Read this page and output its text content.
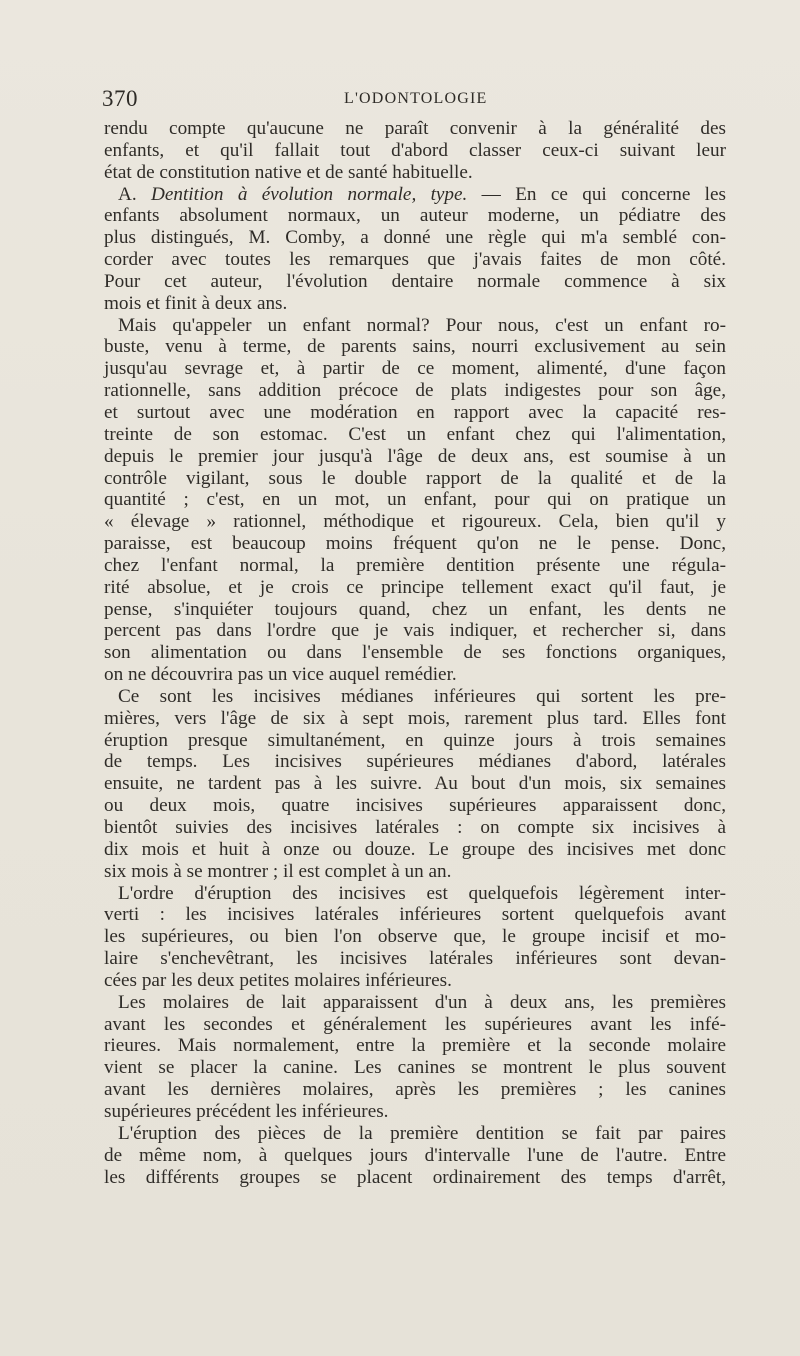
370	L'ODONTOLOGIE
rendu compte qu'aucune ne paraît convenir à la généralité des
enfants, et qu'il fallait tout d'abord classer ceux-ci suivant leur
état de constitution native et de santé habituelle.
A. Dentition à évolution normale, type. — En ce qui concerne les
enfants absolument normaux, un auteur moderne, un pédiatre des
plus distingués, M. Comby, a donné une règle qui m'a semblé con-
corder avec toutes les remarques que j'avais faites de mon côté.
Pour cet auteur, l'évolution dentaire normale commence à six
mois et finit à deux ans.
Mais qu'appeler un enfant normal? Pour nous, c'est un enfant ro-
buste, venu à terme, de parents sains, nourri exclusivement au sein
jusqu'au sevrage et, à partir de ce moment, alimenté, d'une façon
rationnelle, sans addition précoce de plats indigestes pour son âge,
et surtout avec une modération en rapport avec la capacité res-
treinte de son estomac. C'est un enfant chez qui l'alimentation,
depuis le premier jour jusqu'à l'âge de deux ans, est soumise à un
contrôle vigilant, sous le double rapport de la qualité et de la
quantité ; c'est, en un mot, un enfant, pour qui on pratique un
« élevage » rationnel, méthodique et rigoureux. Cela, bien qu'il y
paraisse, est beaucoup moins fréquent qu'on ne le pense. Donc,
chez l'enfant normal, la première dentition présente une régula-
rité absolue, et je crois ce principe tellement exact qu'il faut, je
pense, s'inquiéter toujours quand, chez un enfant, les dents ne
percent pas dans l'ordre que je vais indiquer, et rechercher si, dans
son alimentation ou dans l'ensemble de ses fonctions organiques,
on ne découvrira pas un vice auquel remédier.
Ce sont les incisives médianes inférieures qui sortent les pre-
mières, vers l'âge de six à sept mois, rarement plus tard. Elles font
éruption presque simultanément, en quinze jours à trois semaines
de temps. Les incisives supérieures médianes d'abord, latérales
ensuite, ne tardent pas à les suivre. Au bout d'un mois, six semaines
ou deux mois, quatre incisives supérieures apparaissent donc,
bientôt suivies des incisives latérales : on compte six incisives à
dix mois et huit à onze ou douze. Le groupe des incisives met donc
six mois à se montrer ; il est complet à un an.
L'ordre d'éruption des incisives est quelquefois légèrement inter-
verti : les incisives latérales inférieures sortent quelquefois avant
les supérieures, ou bien l'on observe que, le groupe incisif et mo-
laire s'enchevêtrant, les incisives latérales inférieures sont devan-
cées par les deux petites molaires inférieures.
Les molaires de lait apparaissent d'un à deux ans, les premières
avant les secondes et généralement les supérieures avant les infé-
rieures. Mais normalement, entre la première et la seconde molaire
vient se placer la canine. Les canines se montrent le plus souvent
avant les dernières molaires, après les premières ; les canines
supérieures précédent les inférieures.
L'éruption des pièces de la première dentition se fait par paires
de même nom, à quelques jours d'intervalle l'une de l'autre. Entre
les différents groupes se placent ordinairement des temps d'arrêt,
